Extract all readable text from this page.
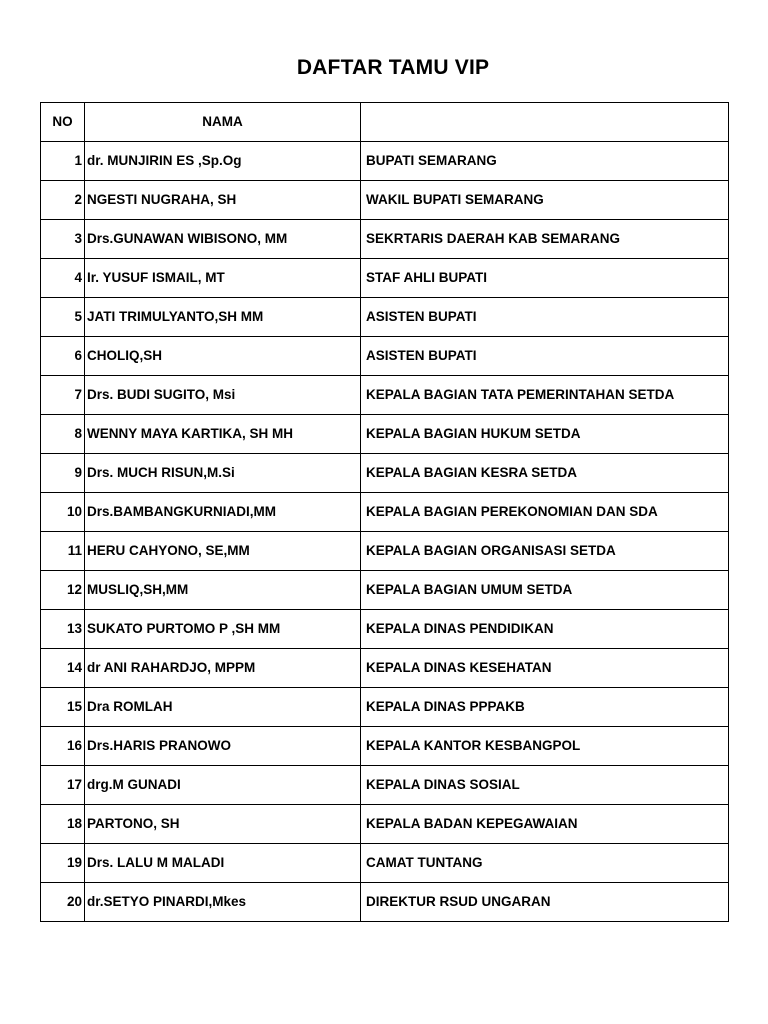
DAFTAR TAMU VIP
NO	NAMA	
1	dr. MUNJIRIN ES ,Sp.Og	BUPATI SEMARANG
2	NGESTI NUGRAHA, SH	WAKIL BUPATI SEMARANG
3	Drs.GUNAWAN WIBISONO, MM	SEKRTARIS DAERAH KAB SEMARANG
4	Ir. YUSUF ISMAIL, MT	STAF AHLI BUPATI
5	JATI TRIMULYANTO,SH MM	ASISTEN BUPATI
6	CHOLIQ,SH	ASISTEN BUPATI
7	Drs. BUDI SUGITO, Msi	KEPALA BAGIAN TATA PEMERINTAHAN SETDA
8	WENNY MAYA KARTIKA, SH MH	KEPALA BAGIAN HUKUM SETDA
9	Drs. MUCH RISUN,M.Si	KEPALA BAGIAN KESRA SETDA
10	Drs.BAMBANGKURNIADI,MM	KEPALA BAGIAN PEREKONOMIAN DAN SDA
11	HERU CAHYONO, SE,MM	KEPALA BAGIAN ORGANISASI SETDA
12	MUSLIQ,SH,MM	KEPALA BAGIAN UMUM SETDA
13	SUKATO PURTOMO P ,SH MM	KEPALA DINAS PENDIDIKAN
14	dr ANI RAHARDJO, MPPM	KEPALA DINAS KESEHATAN
15	Dra ROMLAH	KEPALA DINAS PPPAKB
16	Drs.HARIS PRANOWO	KEPALA KANTOR KESBANGPOL
17	drg.M GUNADI	KEPALA DINAS SOSIAL
18	PARTONO, SH	KEPALA BADAN KEPEGAWAIAN
19	Drs. LALU M MALADI	CAMAT TUNTANG
20	dr.SETYO PINARDI,Mkes	DIREKTUR RSUD UNGARAN
